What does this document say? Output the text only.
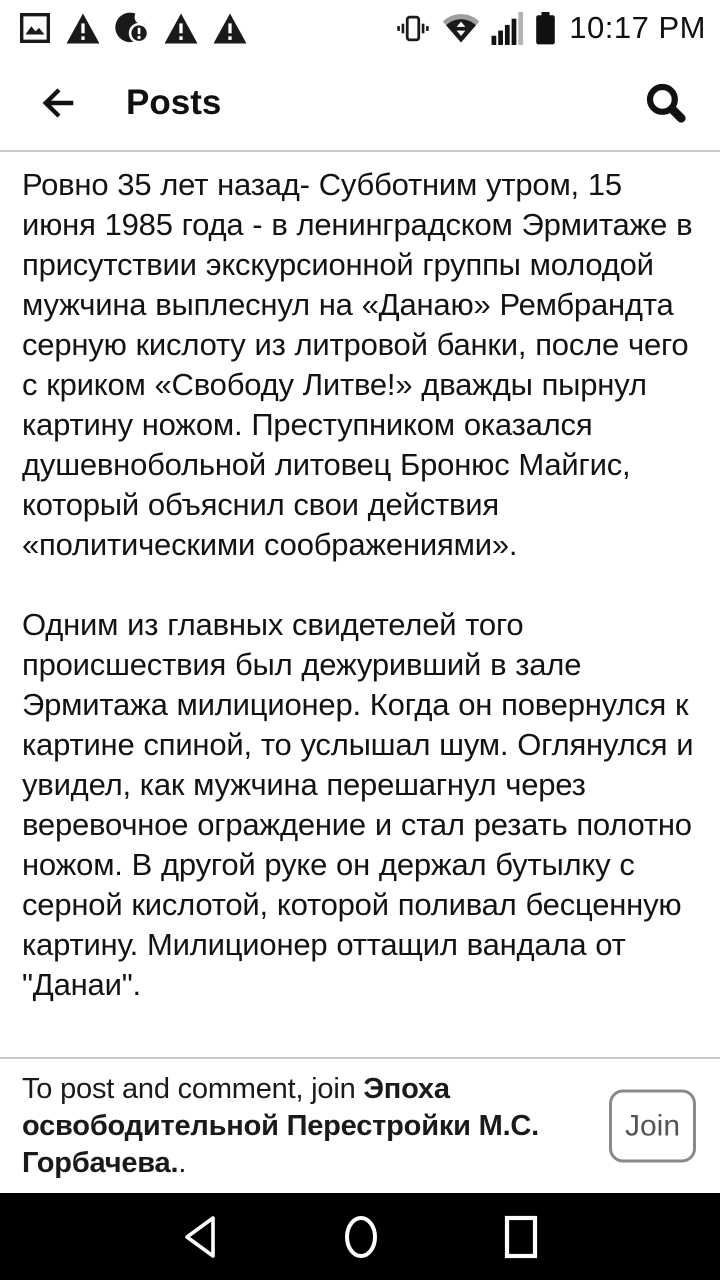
10:17 PM
Posts

Ровно 35 лет назад- Субботним утром, 15 июня 1985 года - в ленинградском Эрмитаже в присутствии экскурсионной группы молодой мужчина выплеснул на «Данаю» Рембрандта серную кислоту из литровой банки, после чего с криком «Свободу Литве!» дважды пырнул картину ножом. Преступником оказался душевнобольной литовец Бронюс Майгис, который объяснил свои действия «политическими соображениями».

Одним из главных свидетелей того происшествия был дежуривший в зале Эрмитажа милиционер. Когда он повернулся к картине спиной, то услышал шум. Оглянулся и увидел, как мужчина перешагнул через веревочное ограждение и стал резать полотно ножом. В другой руке он держал бутылку с серной кислотой, которой поливал бесценную картину. Милиционер оттащил вандала от "Данаи".

To post and comment, join Эпоха освободительной Перестройки М.С. Горбачева..
Join
